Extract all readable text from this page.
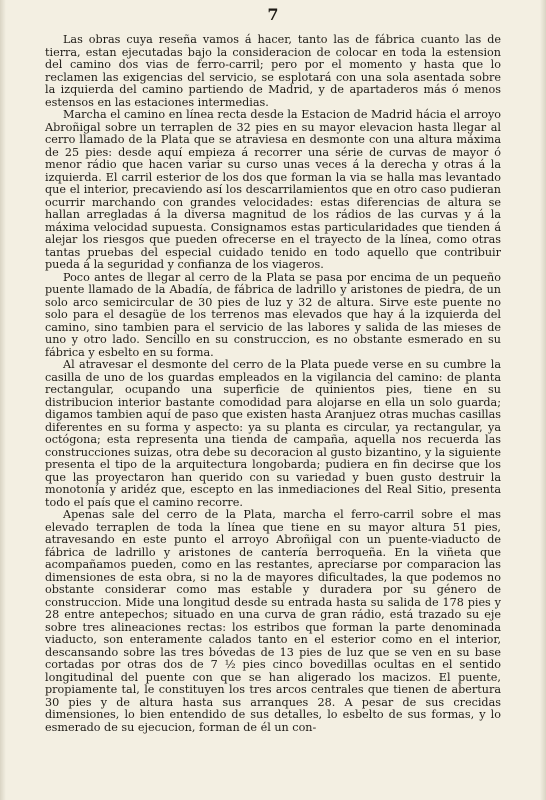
7

Las obras cuya reseña vamos á hacer, tanto las de fábrica cuanto las de tierra, estan ejecutadas bajo la consideracion de colocar en toda la estension del camino dos vias de ferro-carril; pero por el momento y hasta que lo reclamen las exigencias del servicio, se esplotará con una sola asentada sobre la izquierda del camino partiendo de Madrid, y de apartaderos más ó menos estensos en las estaciones intermedias.

Marcha el camino en línea recta desde la Estacion de Madrid hácia el arroyo Abroñigal sobre un terraplen de 32 pies en su mayor elevacion hasta llegar al cerro llamado de la Plata que se atraviesa en desmonte con una altura máxima de 25 pies: desde aquí empieza á recorrer una série de curvas de mayor ó menor rádio que hacen variar su curso unas veces á la derecha y otras á la izquierda. El carril esterior de los dos que forman la via se halla mas levantado que el interior, precaviendo así los descarrilamientos que en otro caso pudieran ocurrir marchando con grandes velocidades: estas diferencias de altura se hallan arregladas á la diversa magnitud de los rádios de las curvas y á la máxima velocidad supuesta. Consignamos estas particularidades que tienden á alejar los riesgos que pueden ofrecerse en el trayecto de la línea, como otras tantas pruebas del especial cuidado tenido en todo aquello que contribuir pueda á la seguridad y confianza de los viageros.

Poco antes de llegar al cerro de la Plata se pasa por encima de un pequeño puente llamado de la Abadía, de fábrica de ladrillo y aristones de piedra, de un solo arco semicircular de 30 pies de luz y 32 de altura. Sirve este puente no solo para el desagüe de los terrenos mas elevados que hay á la izquierda del camino, sino tambien para el servicio de las labores y salida de las mieses de uno y otro lado. Sencillo en su construccion, es no obstante esmerado en su fábrica y esbelto en su forma.

Al atravesar el desmonte del cerro de la Plata puede verse en su cumbre la casilla de uno de los guardas empleados en la vigilancia del camino: de planta rectangular, ocupando una superficie de quinientos pies, tiene en su distribucion interior bastante comodidad para alojarse en ella un solo guarda; digamos tambien aquí de paso que existen hasta Aranjuez otras muchas casillas diferentes en su forma y aspecto: ya su planta es circular, ya rectangular, ya octógona; esta representa una tienda de campaña, aquella nos recuerda las construcciones suizas, otra debe su decoracion al gusto bizantino, y la siguiente presenta el tipo de la arquitectura longobarda; pudiera en fin decirse que los que las proyectaron han querido con su variedad y buen gusto destruir la monotonía y aridéz que, escepto en las inmediaciones del Real Sitio, presenta todo el país que el camino recorre.

Apenas sale del cerro de la Plata, marcha el ferro-carril sobre el mas elevado terraplen de toda la línea que tiene en su mayor altura 51 pies, atravesando en este punto el arroyo Abroñigal con un puente-viaducto de fábrica de ladrillo y aristones de cantería berroqueña. En la viñeta que acompañamos pueden, como en las restantes, apreciarse por comparacion las dimensiones de esta obra, si no la de mayores dificultades, la que podemos no obstante considerar como mas estable y duradera por su género de construccion. Mide una longitud desde su entrada hasta su salida de 178 pies y 28 entre antepechos; situado en una curva de gran rádio, está trazado su eje sobre tres alineaciones rectas: los estribos que forman la parte denominada viaducto, son enteramente calados tanto en el esterior como en el interior, descansando sobre las tres bóvedas de 13 pies de luz que se ven en su base cortadas por otras dos de 7 ½ pies cinco bovedillas ocultas en el sentido longitudinal del puente con que se han aligerado los macizos. El puente, propiamente tal, le constituyen los tres arcos centrales que tienen de abertura 30 pies y de altura hasta sus arranques 28. A pesar de sus crecidas dimensiones, lo bien entendido de sus detalles, lo esbelto de sus formas, y lo esmerado de su ejecucion, forman de él un con-
